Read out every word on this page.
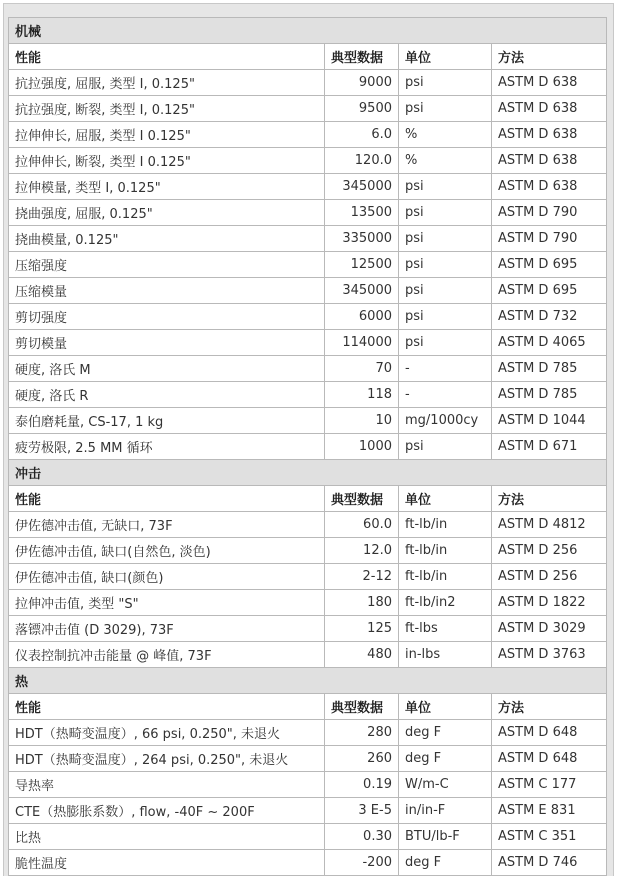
机械			
性能	典型数据	单位	方法
抗拉强度, 屈服, 类型 I, 0.125"	9000	psi	ASTM D 638
抗拉强度, 断裂, 类型 I, 0.125"	9500	psi	ASTM D 638
拉伸伸长, 屈服, 类型 I 0.125"	6.0	%	ASTM D 638
拉伸伸长, 断裂, 类型 I 0.125"	120.0	%	ASTM D 638
拉伸模量, 类型 I, 0.125"	345000	psi	ASTM D 638
挠曲强度, 屈服, 0.125"	13500	psi	ASTM D 790
挠曲模量, 0.125"	335000	psi	ASTM D 790
压缩强度	12500	psi	ASTM D 695
压缩模量	345000	psi	ASTM D 695
剪切强度	6000	psi	ASTM D 732
剪切模量	114000	psi	ASTM D 4065
硬度, 洛氏 M	70	-	ASTM D 785
硬度, 洛氏 R	118	-	ASTM D 785
泰伯磨耗量, CS-17, 1 kg	10	mg/1000cy	ASTM D 1044
疲劳极限, 2.5 MM 循环	1000	psi	ASTM D 671
冲击			
性能	典型数据	单位	方法
伊佐德冲击值, 无缺口, 73F	60.0	ft-lb/in	ASTM D 4812
伊佐德冲击值, 缺口(自然色, 淡色)	12.0	ft-lb/in	ASTM D 256
伊佐德冲击值, 缺口(颜色)	2-12	ft-lb/in	ASTM D 256
拉伸冲击值, 类型 "S"	180	ft-lb/in2	ASTM D 1822
落镖冲击值 (D 3029), 73F	125	ft-lbs	ASTM D 3029
仪表控制抗冲击能量 @ 峰值, 73F	480	in-lbs	ASTM D 3763
热			
性能	典型数据	单位	方法
HDT（热畸变温度）, 66 psi, 0.250", 未退火	280	deg F	ASTM D 648
HDT（热畸变温度）, 264 psi, 0.250", 未退火	260	deg F	ASTM D 648
导热率	0.19	W/m-C	ASTM C 177
CTE（热膨胀系数）, flow, -40F ~ 200F	3 E-5	in/in-F	ASTM E 831
比热	0.30	BTU/lb-F	ASTM C 351
脆性温度	-200	deg F	ASTM D 746
